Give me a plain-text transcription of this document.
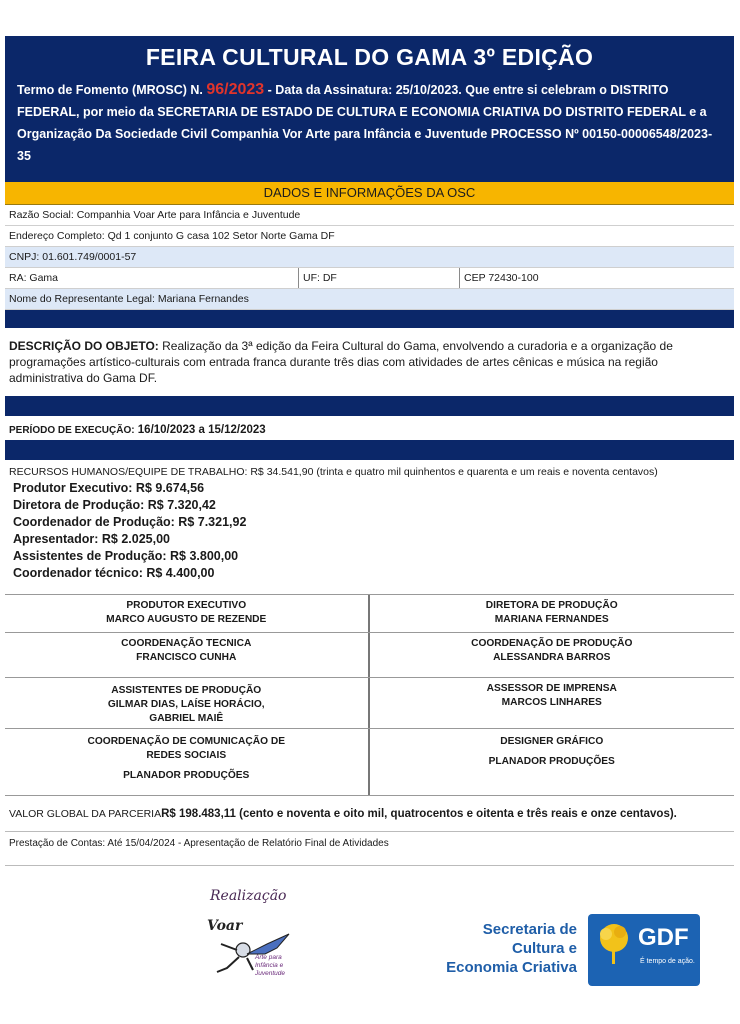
FEIRA CULTURAL DO GAMA 3º EDIÇÃO

Termo de Fomento (MROSC) N. 96/2023 - Data da Assinatura: 25/10/2023. Que entre si celebram o DISTRITO FEDERAL, por meio da SECRETARIA DE ESTADO DE CULTURA E ECONOMIA CRIATIVA DO DISTRITO FEDERAL e a Organização Da Sociedade Civil Companhia Vor Arte para Infância e Juventude PROCESSO Nº 00150-00006548/2023-35

DADOS E INFORMAÇÕES DA OSC
Razão Social: Companhia Voar Arte para Infância e Juventude
Endereço Completo: Qd 1 conjunto G casa 102 Setor Norte Gama DF
CNPJ: 01.601.749/0001-57
RA: Gama	UF: DF	CEP 72430-100
Nome do Representante Legal: Mariana Fernandes
DESCRIÇÃO DO OBJETO: Realização da 3ª edição da Feira Cultural do Gama, envolvendo a curadoria e a organização de programações artístico-culturais com entrada franca durante três dias com atividades de artes cênicas e música na região administrativa do Gama DF.
PERÍODO DE EXECUÇÃO: 16/10/2023 a 15/12/2023
RECURSOS HUMANOS/EQUIPE DE TRABALHO: R$ 34.541,90 (trinta e quatro mil quinhentos e quarenta e um reais e noventa centavos)
Produtor Executivo: R$ 9.674,56
Diretora de Produção: R$ 7.320,42
Coordenador de Produção: R$ 7.321,92
Apresentador: R$ 2.025,00
Assistentes de Produção: R$ 3.800,00
Coordenador técnico: R$ 4.400,00
PRODUTOR EXECUTIVO
MARCO AUGUSTO DE REZENDE
DIRETORA DE PRODUÇÃO
MARIANA FERNANDES
COORDENAÇÃO TECNICA
FRANCISCO CUNHA
COORDENAÇÃO DE PRODUÇÃO
ALESSANDRA BARROS
ASSISTENTES DE PRODUÇÃO
GILMAR DIAS, LAÍSE HORÁCIO,
GABRIEL MAIÊ
ASSESSOR DE IMPRENSA
MARCOS LINHARES
COORDENAÇÃO DE COMUNICAÇÃO DE
REDES SOCIAIS
PLANADOR PRODUÇÕES
DESIGNER GRÁFICO
PLANADOR PRODUÇÕES
VALOR GLOBAL DA PARCERIAR$ 198.483,11 (cento e noventa e oito mil, quatrocentos e oitenta e três reais e onze centavos).
Prestação de Contas: Até 15/04/2024 - Apresentação de Relatório Final de Atividades
Realização
Voar
Arte para Infância e Juventude
Secretaria de
Cultura e
Economia Criativa
GDF
É tempo de ação.
